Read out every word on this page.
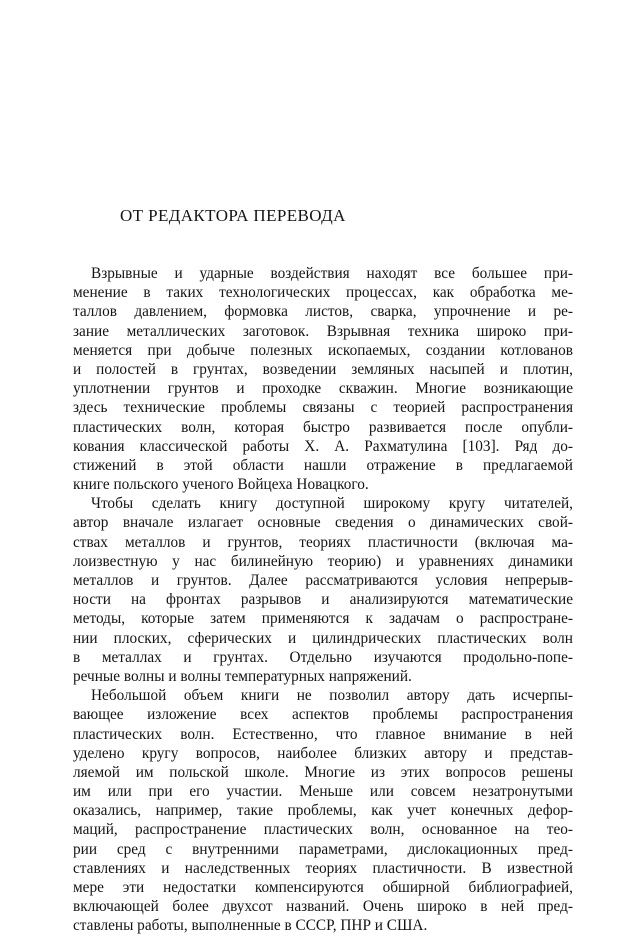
ОТ РЕДАКТОРА ПЕРЕВОДА
Взрывные и ударные воздействия находят все большее при-
менение в таких технологических процессах, как обработка ме-
таллов давлением, формовка листов, сварка, упрочнение и ре-
зание металлических заготовок. Взрывная техника широко при-
меняется при добыче полезных ископаемых, создании котлованов
и полостей в грунтах, возведении земляных насыпей и плотин,
уплотнении грунтов и проходке скважин. Многие возникающие
здесь технические проблемы связаны с теорией распространения
пластических волн, которая быстро развивается после опубли-
кования классической работы Х. А. Рахматулина [103]. Ряд до-
стижений в этой области нашли отражение в предлагаемой
книге польского ученого Войцеха Новацкого.
Чтобы сделать книгу доступной широкому кругу читателей,
автор вначале излагает основные сведения о динамических свой-
ствах металлов и грунтов, теориях пластичности (включая ма-
лоизвестную у нас билинейную теорию) и уравнениях динамики
металлов и грунтов. Далее рассматриваются условия непрерыв-
ности на фронтах разрывов и анализируются математические
методы, которые затем применяются к задачам о распростране-
нии плоских, сферических и цилиндрических пластических волн
в металлах и грунтах. Отдельно изучаются продольно-попе-
речные волны и волны температурных напряжений.
Небольшой объем книги не позволил автору дать исчерпы-
вающее изложение всех аспектов проблемы распространения
пластических волн. Естественно, что главное внимание в ней
уделено кругу вопросов, наиболее близких автору и представ-
ляемой им польской школе. Многие из этих вопросов решены
им или при его участии. Меньше или совсем незатронутыми
оказались, например, такие проблемы, как учет конечных дефор-
маций, распространение пластических волн, основанное на тео-
рии сред с внутренними параметрами, дислокационных пред-
ставлениях и наследственных теориях пластичности. В известной
мере эти недостатки компенсируются обширной библиографией,
включающей более двухсот названий. Очень широко в ней пред-
ставлены работы, выполненные в СССР, ПНР и США.
